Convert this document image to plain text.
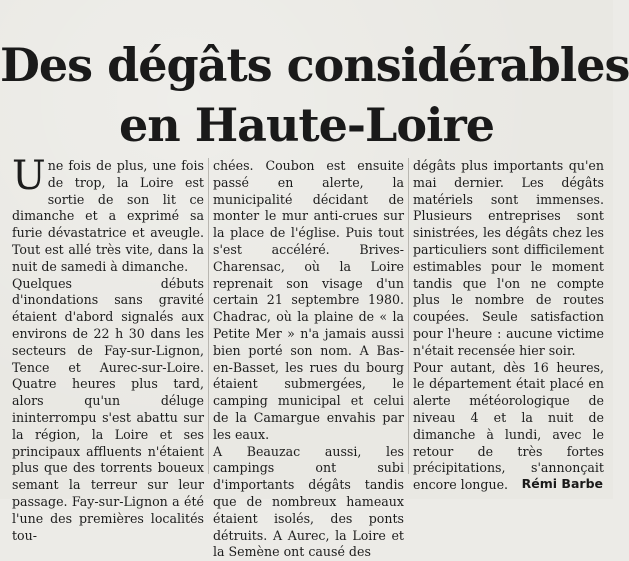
Des dégâts considérables
en Haute-Loire

Une fois de plus, une fois de trop, la Loire est sortie de son lit ce dimanche et a exprimé sa furie dévastatrice et aveugle. Tout est allé très vite, dans la nuit de samedi à dimanche.

Quelques débuts d'inondations sans gravité étaient d'abord signalés aux environs de 22 h 30 dans les secteurs de Fay-sur-Lignon, Tence et Aurec-sur-Loire. Quatre heures plus tard, alors qu'un déluge ininterrompu s'est abattu sur la région, la Loire et ses principaux affluents n'étaient plus que des torrents boueux semant la terreur sur leur passage. Fay-sur-Lignon a été l'une des premières localités tou-

chées. Coubon est ensuite passé en alerte, la municipalité décidant de monter le mur anti-crues sur la place de l'église. Puis tout s'est accéléré. Brives-Charensac, où la Loire reprenait son visage d'un certain 21 septembre 1980. Chadrac, où la plaine de « la Petite Mer » n'a jamais aussi bien porté son nom. A Bas-en-Basset, les rues du bourg étaient submergées, le camping municipal et celui de la Camargue envahis par les eaux.

A Beauzac aussi, les campings ont subi d'importants dégâts tandis que de nombreux hameaux étaient isolés, des ponts détruits. A Aurec, la Loire et la Semène ont causé des

dégâts plus importants qu'en mai dernier. Les dégâts matériels sont immenses. Plusieurs entreprises sont sinistrées, les dégâts chez les particuliers sont difficilement estimables pour le moment tandis que l'on ne compte plus le nombre de routes coupées. Seule satisfaction pour l'heure : aucune victime n'était recensée hier soir.

Pour autant, dès 16 heures, le département était placé en alerte météorologique de niveau 4 et la nuit de dimanche à lundi, avec le retour de très fortes précipitations, s'annonçait encore longue.	Rémi Barbe
